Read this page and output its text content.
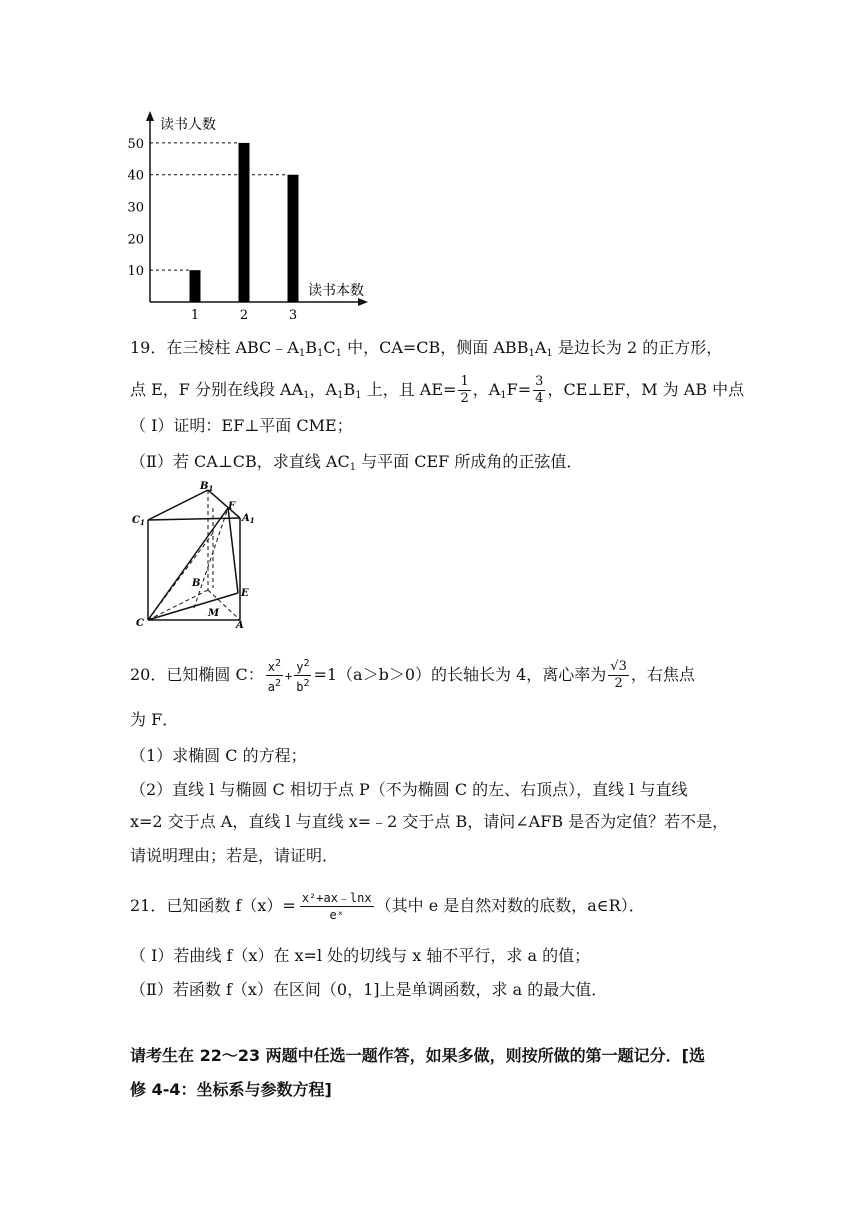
读书人数
读书本数
10
20
30
40
50
1	2	3
19．在三棱柱 $ABC﹣A_1B_1C_1$ 中，CA=CB，侧面 $ABB_1A_1$ 是边长为 2 的正方形，
点 E，F 分别在线段 $AA_1$，$A_1B_1$ 上，且 $AE= \frac{1}{2}$ ，$A_1F= \frac{3}{4}$ ，CE⊥EF，M 为 AB 中点
（ I）证明：EF⊥平面 CME；
（Ⅱ）若 CA⊥CB，求直线 $AC_1$ 与平面 CEF 所成角的正弦值．
$B_1$
F
$C_1$	$A_1$
B
E
M
C	A
20．已知椭圆 C： $\frac{x^2}{a^2} + \frac{y^2}{b^2} =1(a>b>0)$的长轴长为 4，离心率为 $\frac{√3}{2}$ ，右焦点
为 F．
（1）求椭圆 C 的方程；
（2）直线 l 与椭圆 C 相切于点 P（不为椭圆 C 的左、右顶点），直线 l 与直线
x=2 交于点 A，直线 l 与直线 x=﹣2 交于点 B，请问∠AFB 是否为定值？若不是，
请说明理由；若是，请证明．
21．已知函数 $f(x)= \frac{\text{x²+ax﹣lnx}}{\text{eˣ}}$ （其中 e 是自然对数的底数，a∈R）．
（ I）若曲线 f（x）在 x=l 处的切线与 x 轴不平行，求 a 的值；
（Ⅱ）若函数 f（x）在区间（0，1]上是单调函数，求 a 的最大值．
请考生在 22～23 两题中任选一题作答，如果多做，则按所做的第一题记分．[选
修 4-4：坐标系与参数方程]
